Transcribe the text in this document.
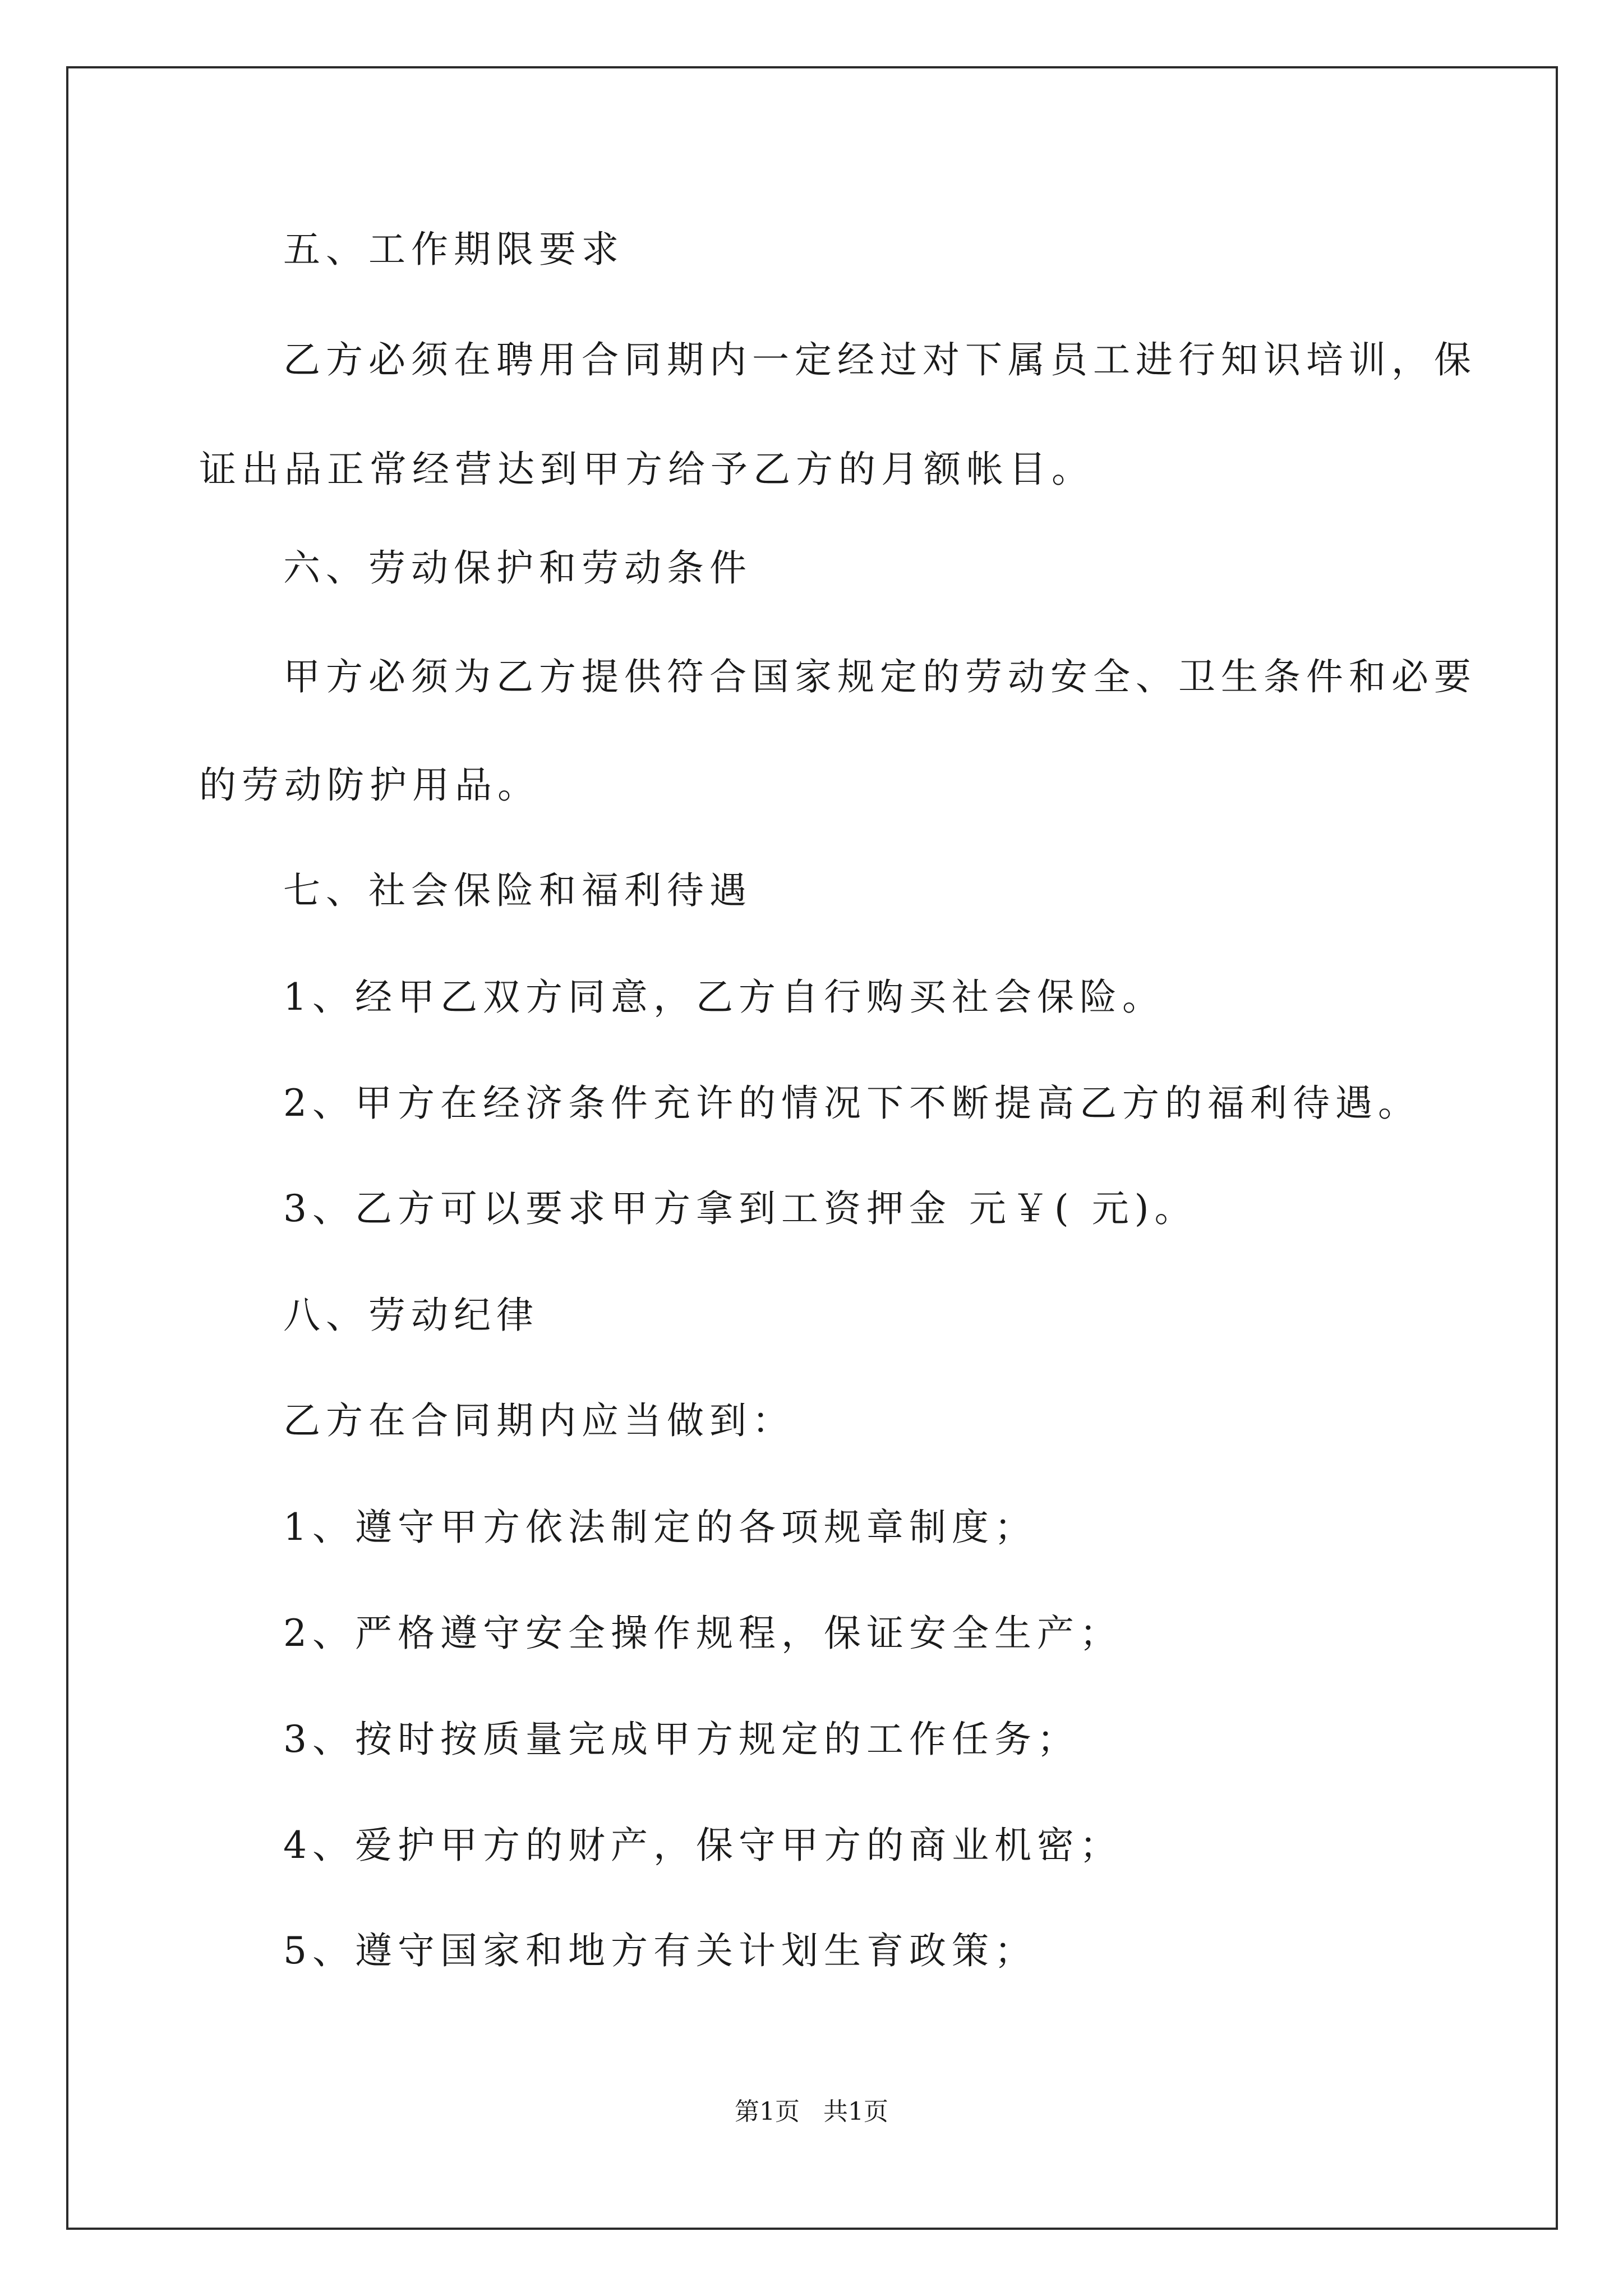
五、工作期限要求
乙方必须在聘用合同期内一定经过对下属员工进行知识培训，保
证出品正常经营达到甲方给予乙方的月额帐目。
六、劳动保护和劳动条件
甲方必须为乙方提供符合国家规定的劳动安全、卫生条件和必要
的劳动防护用品。
七、社会保险和福利待遇
1、经甲乙双方同意，乙方自行购买社会保险。
2、甲方在经济条件充许的情况下不断提高乙方的福利待遇。
3、乙方可以要求甲方拿到工资押金 元￥( 元)。
八、劳动纪律
乙方在合同期内应当做到：
1、遵守甲方依法制定的各项规章制度；
2、严格遵守安全操作规程，保证安全生产；
3、按时按质量完成甲方规定的工作任务；
4、爱护甲方的财产，保守甲方的商业机密；
5、遵守国家和地方有关计划生育政策；
第1页   共1页
